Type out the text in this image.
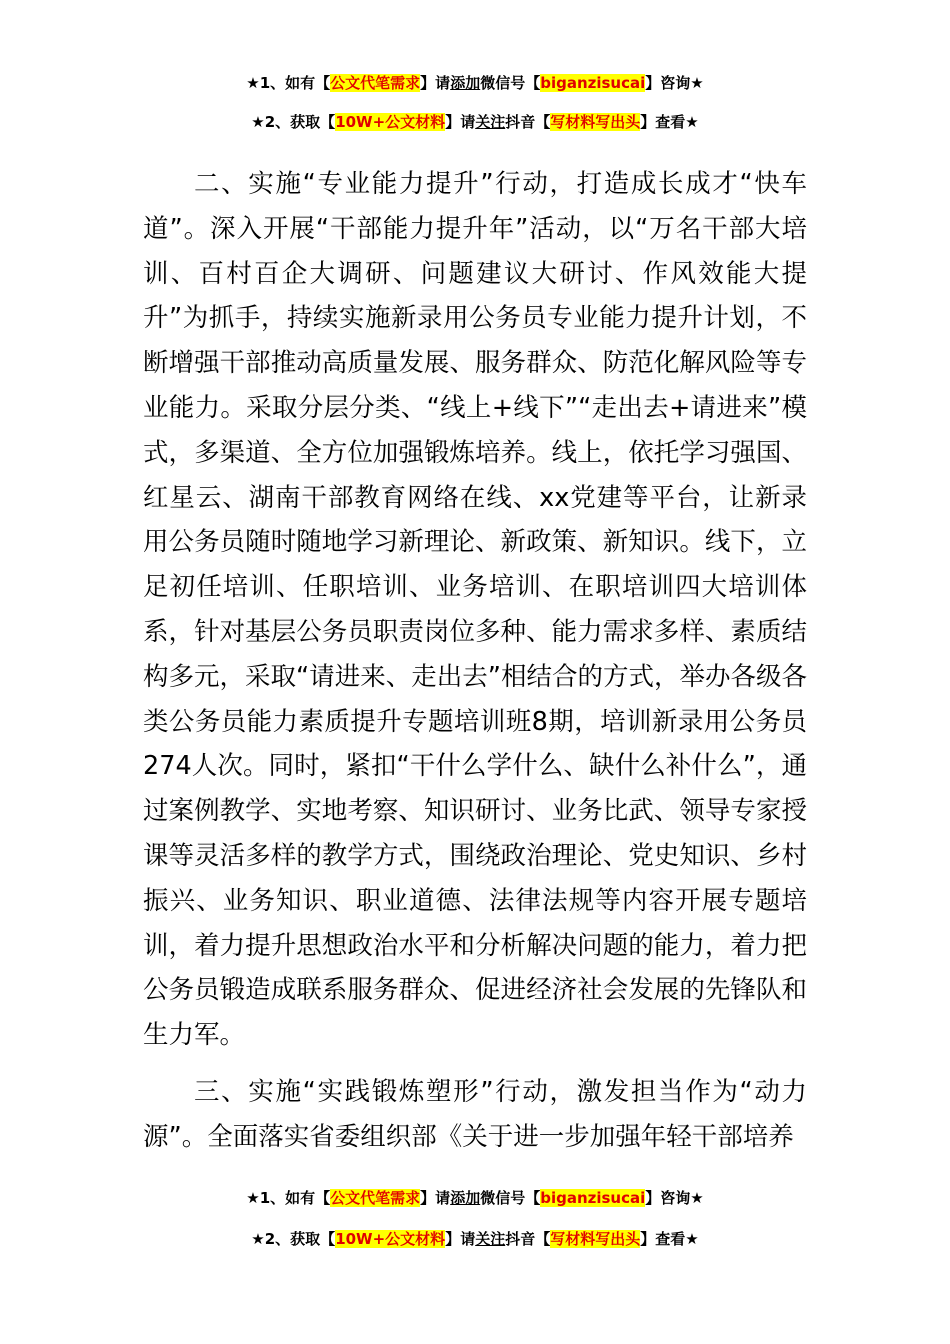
★1、如有【公文代笔需求】请添加微信号【biganzisucai】咨询★
★2、获取【10W+公文材料】请关注抖音【写材料写出头】查看★

二、实施“专业能力提升”行动，打造成长成才“快车道”。深入开展“干部能力提升年”活动，以“万名干部大培训、百村百企大调研、问题建议大研讨、作风效能大提升”为抓手，持续实施新录用公务员专业能力提升计划，不断增强干部推动高质量发展、服务群众、防范化解风险等专业能力。采取分层分类、“线上+线下”“走出去+请进来”模式，多渠道、全方位加强锻炼培养。线上，依托学习强国、红星云、湖南干部教育网络在线、xx党建等平台，让新录用公务员随时随地学习新理论、新政策、新知识。线下，立足初任培训、任职培训、业务培训、在职培训四大培训体系，针对基层公务员职责岗位多种、能力需求多样、素质结构多元，采取“请进来、走出去”相结合的方式，举办各级各类公务员能力素质提升专题培训班8期，培训新录用公务员274人次。同时，紧扣“干什么学什么、缺什么补什么”，通过案例教学、实地考察、知识研讨、业务比武、领导专家授课等灵活多样的教学方式，围绕政治理论、党史知识、乡村振兴、业务知识、职业道德、法律法规等内容开展专题培训，着力提升思想政治水平和分析解决问题的能力，着力把公务员锻造成联系服务群众、促进经济社会发展的先锋队和生力军。

三、实施“实践锻炼塑形”行动，激发担当作为“动力源”。全面落实省委组织部《关于进一步加强年轻干部培养

★1、如有【公文代笔需求】请添加微信号【biganzisucai】咨询★
★2、获取【10W+公文材料】请关注抖音【写材料写出头】查看★
